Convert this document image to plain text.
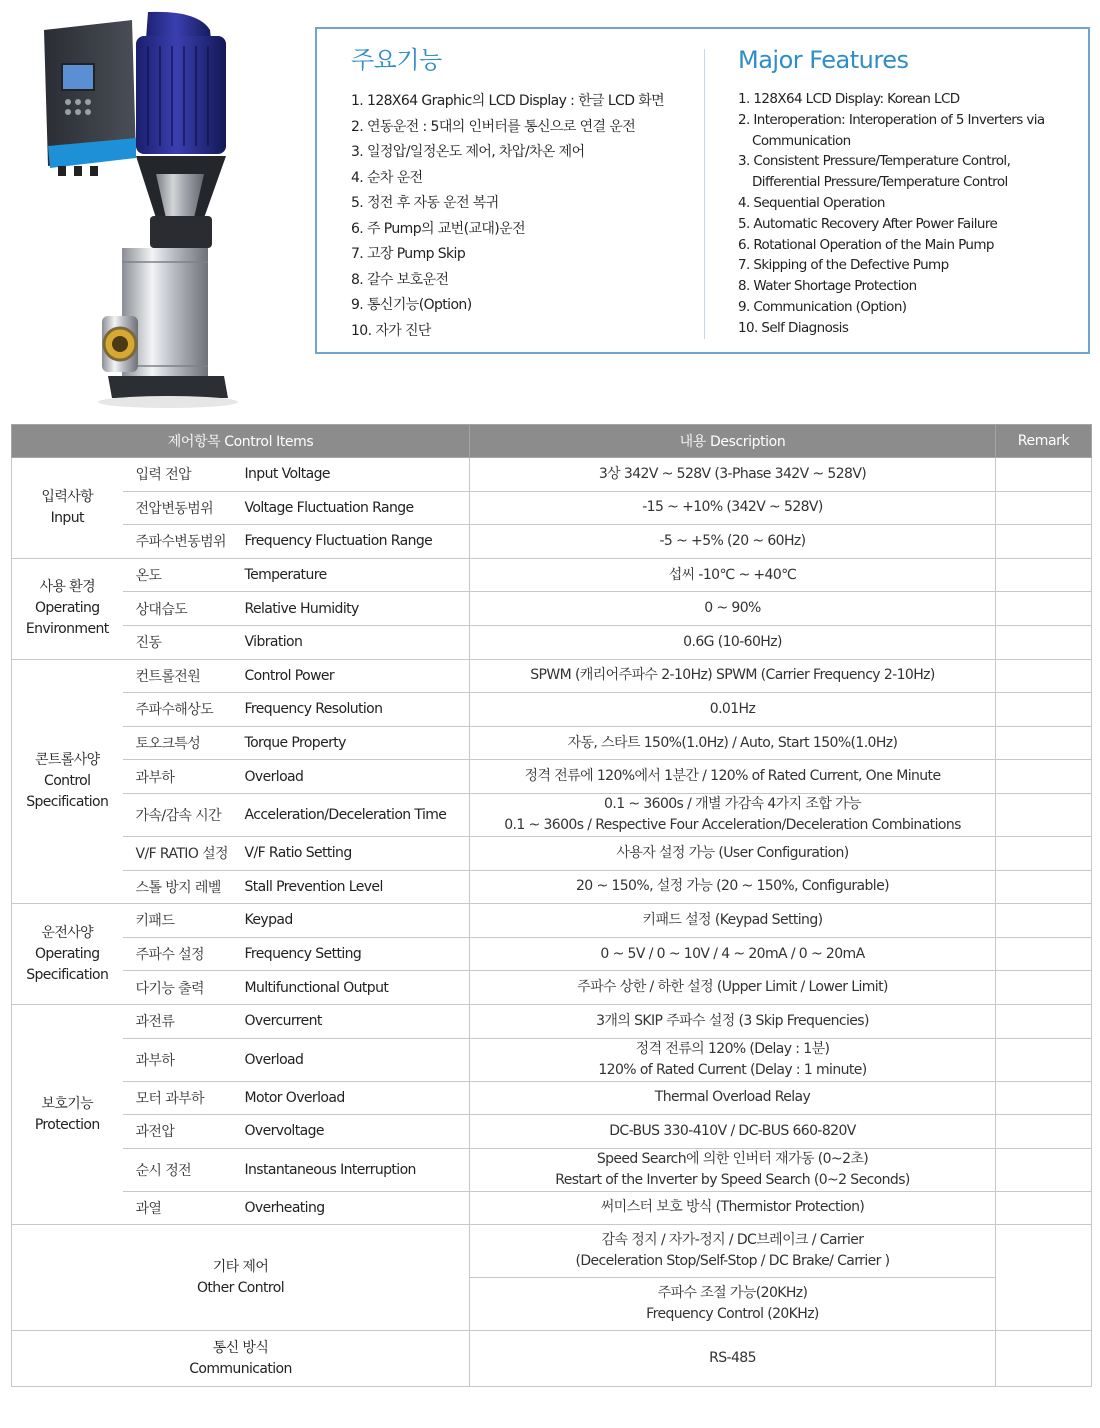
주요기능
1. 128X64 Graphic의 LCD Display : 한글 LCD 화면
2. 연동운전 : 5대의 인버터를 통신으로 연결 운전
3. 일정압/일정온도 제어, 차압/차온 제어
4. 순차 운전
5. 정전 후 자동 운전 복귀
6. 주 Pump의 교번(교대)운전
7. 고장 Pump Skip
8. 갈수 보호운전
9. 통신기능(Option)
10. 자가 진단
Major Features
1. 128X64 LCD Display: Korean LCD
2. Interoperation: Interoperation of 5 Inverters via
Communication
3. Consistent Pressure/Temperature Control,
Differential Pressure/Temperature Control
4. Sequential Operation
5. Automatic Recovery After Power Failure
6. Rotational Operation of the Main Pump
7. Skipping of the Defective Pump
8. Water Shortage Protection
9. Communication (Option)
10. Self Diagnosis
제어항목 Control Items			내용 Description	Remark

입력사항
Input	입력 전압	Input Voltage	3상 342V ~ 528V (3-Phase 342V ~ 528V)	
	전압변동범위	Voltage Fluctuation Range	-15 ~ +10% (342V ~ 528V)	
	주파수변동범위	Frequency Fluctuation Range	-5 ~ +5% (20 ~ 60Hz)	

사용 환경
Operating Environment	온도	Temperature	섭씨 -10℃ ~ +40℃	
	상대습도	Relative Humidity	0 ~ 90%	
	진동	Vibration	0.6G (10-60Hz)	

콘트롤사양
Control Specification	컨트롤전원	Control Power	SPWM (캐리어주파수 2-10Hz) SPWM (Carrier Frequency 2-10Hz)	
	주파수해상도	Frequency Resolution	0.01Hz	
	토오크특성	Torque Property	자동, 스타트 150%(1.0Hz) / Auto, Start 150%(1.0Hz)	
	과부하	Overload	정격 전류에 120%에서 1분간 / 120% of Rated Current, One Minute	
	가속/감속 시간	Acceleration/Deceleration Time	0.1 ~ 3600s / 개별 가감속 4가지 조합 가능
0.1 ~ 3600s / Respective Four Acceleration/Deceleration Combinations	
	V/F RATIO 설정	V/F Ratio Setting	사용자 설정 가능 (User Configuration)	
	스톨 방지 레벨	Stall Prevention Level	20 ~ 150%, 설정 가능 (20 ~ 150%, Configurable)	

운전사양
Operating Specification	키패드	Keypad	키패드 설정 (Keypad Setting)	
	주파수 설정	Frequency Setting	0 ~ 5V / 0 ~ 10V / 4 ~ 20mA / 0 ~ 20mA	
	다기능 출력	Multifunctional Output	주파수 상한 / 하한 설정 (Upper Limit / Lower Limit)	

보호기능
Protection	과전류	Overcurrent	3개의 SKIP 주파수 설정 (3 Skip Frequencies)	
	과부하	Overload	정격 전류의 120% (Delay : 1분)
120% of Rated Current (Delay : 1 minute)	
	모터 과부하	Motor Overload	Thermal Overload Relay	
	과전압	Overvoltage	DC-BUS 330-410V / DC-BUS 660-820V	
	순시 정전	Instantaneous Interruption	Speed Search에 의한 인버터 재가동 (0~2초)
Restart of the Inverter by Speed Search (0~2 Seconds)	
	과열	Overheating	써미스터 보호 방식 (Thermistor Protection)	

기타 제어
Other Control			감속 정지 / 자가-정지 / DC브레이크 / Carrier
(Deceleration Stop/Self-Stop / DC Brake/ Carrier )	
			주파수 조절 가능(20KHz)
Frequency Control (20KHz)	

통신 방식
Communication			RS-485	
